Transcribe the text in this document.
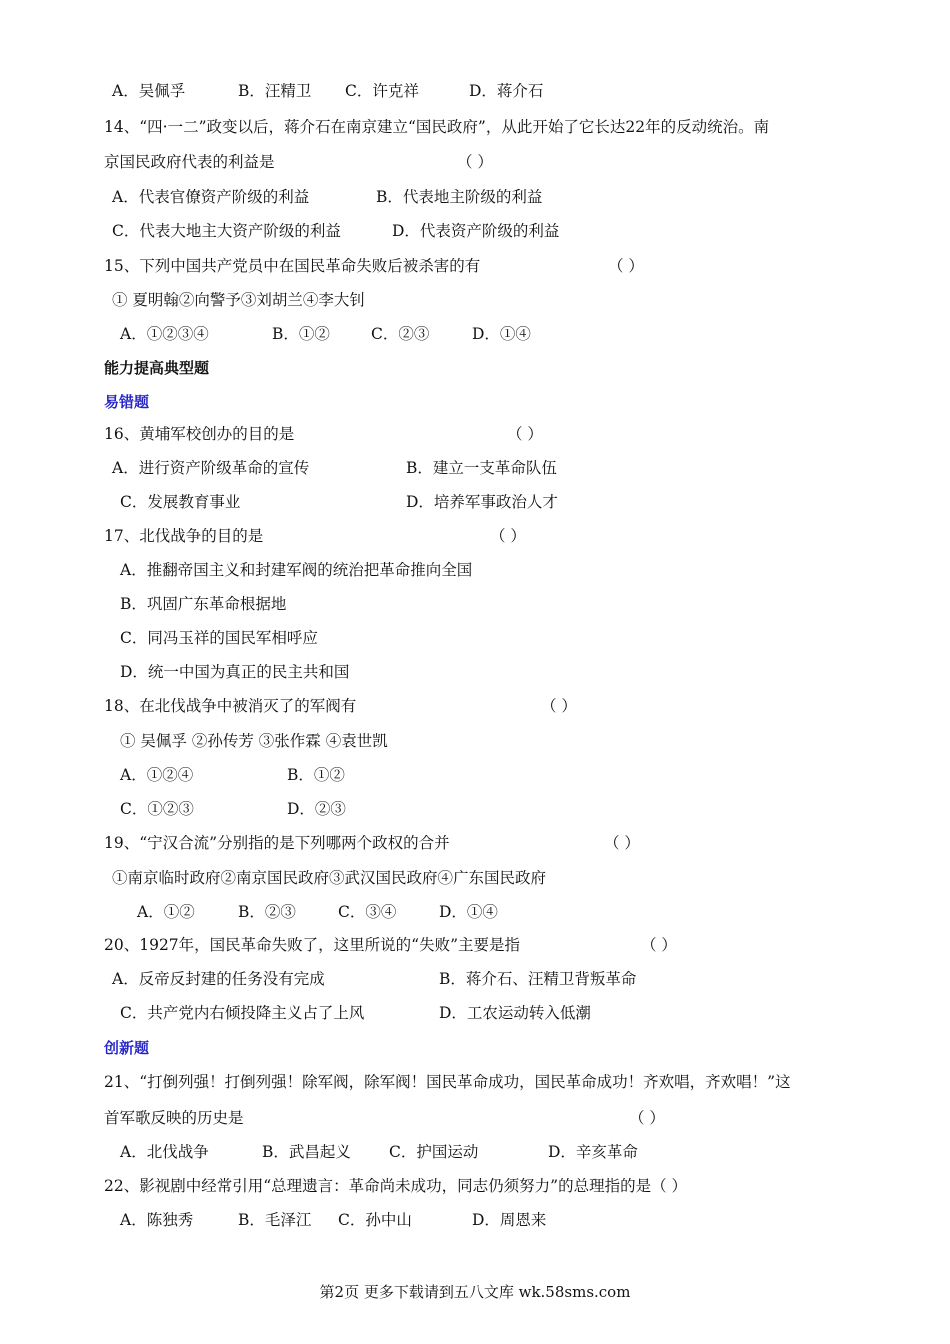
A．吴佩孚	B．汪精卫 C．许克祥	D．蒋介石
14、“四·一二”政变以后，蒋介石在南京建立“国民政府”，从此开始了它长达22年的反动统治。南
京国民政府代表的利益是	（ ）
A．代表官僚资产阶级的利益	B．代表地主阶级的利益
C．代表大地主大资产阶级的利益	D．代表资产阶级的利益
15、下列中国共产党员中在国民革命失败后被杀害的有	（ ）
① 夏明翰②向警予③刘胡兰④李大钊
A．①②③④	B．①②	C．②③	D．①④
能力提高典型题
易错题
16、黄埔军校创办的目的是	（ ）
A．进行资产阶级革命的宣传	B．建立一支革命队伍
C．发展教育事业	D．培养军事政治人才
17、北伐战争的目的是	（ ）
A．推翻帝国主义和封建军阀的统治把革命推向全国
B．巩固广东革命根据地
C．同冯玉祥的国民军相呼应
D．统一中国为真正的民主共和国
18、在北伐战争中被消灭了的军阀有	（ ）
① 吴佩孚 ②孙传芳 ③张作霖 ④袁世凯
A．①②④	B．①②
C．①②③	D．②③
19、“宁汉合流”分别指的是下列哪两个政权的合并	（ ）
①南京临时政府②南京国民政府③武汉国民政府④广东国民政府
A．①②	B．②③	C．③④	D．①④
20、1927年，国民革命失败了，这里所说的“失败”主要是指	（ ）
A．反帝反封建的任务没有完成	B．蒋介石、汪精卫背叛革命
C．共产党内右倾投降主义占了上风	D．工农运动转入低潮
创新题
21、“打倒列强！打倒列强！除军阀，除军阀！国民革命成功，国民革命成功！齐欢唱，齐欢唱！”这
首军歌反映的历史是	（ ）
A．北伐战争	B．武昌起义 C．护国运动	D．辛亥革命
22、影视剧中经常引用“总理遗言：革命尚未成功，同志仍须努力”的总理指的是（ ）
A．陈独秀	B．毛泽江 C．孙中山	D．周恩来
第2页 更多下载请到五八文库 wk.58sms.com
